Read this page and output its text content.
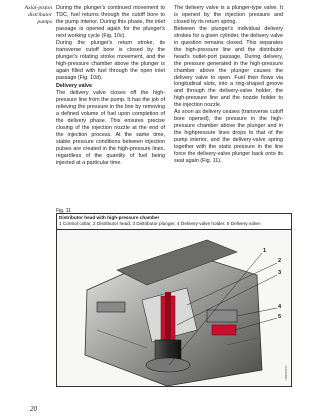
Axial-piston
distributor
pumps

During the plunger's continued movement to TDC, fuel returns through the cutoff bore to the pump interior. During this phase, the inlet passage is opened again for the plunger's next working cycle (Fig. 10c).

During the plunger's return stroke, its transverse cutoff bore is closed by the plunger's rotating stroke movement, and the high-pressure chamber above the plunger is again filled with fuel through the open inlet passage (Fig. 10d).

Delivery valve

The delivery valve closes off the high-pressure line from the pump. It has the job of relieving the pressure in the line by removing a defined volume of fuel upon completion of the delivery phase. This ensures precise closing of the injection nozzle at the end of the injection process. At the same time, stable pressure conditions between injection pulses are created in the high-pressure lines, regardless of the quantity of fuel being injected at a particular time.

The delivery valve is a plunger-type valve. It is opened by the injection pressure and closed by its return spring.

Between the plunger's individual delivery strokes for a given cylinder, the delivery valve in question remains closed. This separates the high-pressure line and the distributor head's outlet-port passage. During delivery, the pressure generated in the high-pressure chamber above the plunger causes the delivery valve to open. Fuel then flows via longitudinal slots, into a ring-shaped groove and through the delivery-valve holder, the high-pressure line and the nozzle holder to the injection nozzle.

As soon as delivery ceases (transverse cutoff bore opened), the pressure in the high-pressure chamber above the plunger and in the highpressure lines drops to that of the pump interior, and the delivery-valve spring together with the static pressure in the line force the delivery-valve plunger back onto its seat again (Fig. 11).

Fig. 11
Distributor head with high-pressure chamber
1 Control collar, 2 Distributor head, 3 Distributor plunger, 4 Delivery valve holder, 5 Delivery valve.
1
2
3
4
5
UMK0049Y
20
